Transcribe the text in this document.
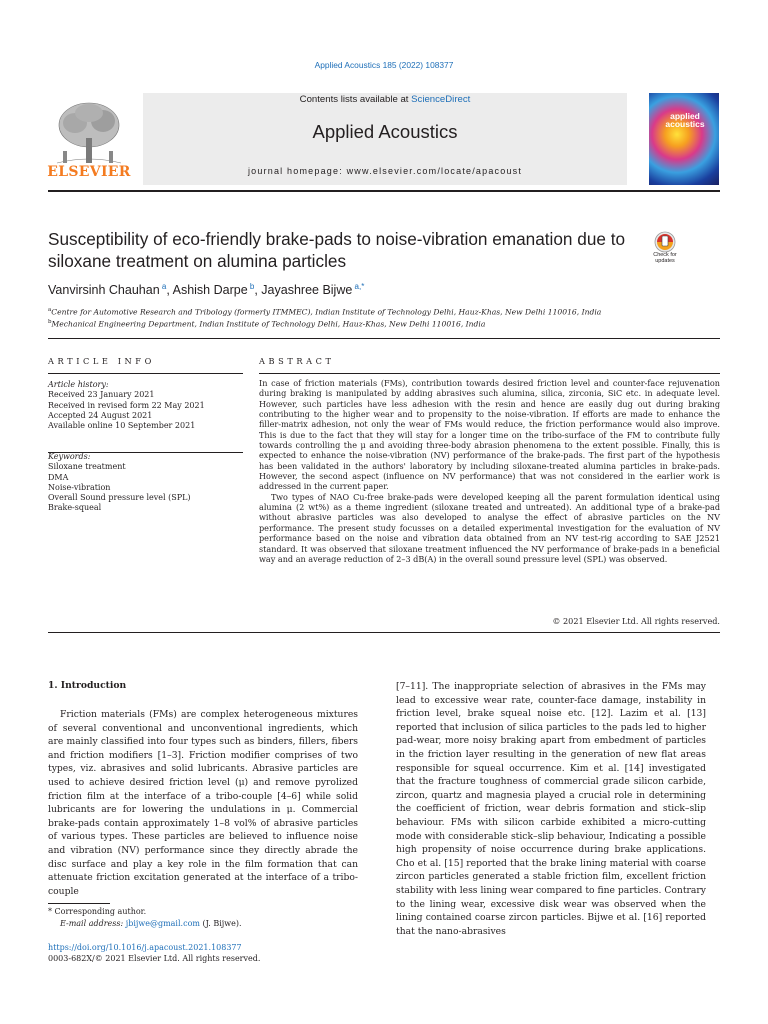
Applied Acoustics 185 (2022) 108377
Contents lists available at ScienceDirect
Applied Acoustics
journal homepage: www.elsevier.com/locate/apacoust
ELSEVIER
applied acoustics
Susceptibility of eco-friendly brake-pads to noise-vibration emanation due to siloxane treatment on alumina particles	Check for updates
Vanvirsinh Chauhan $^a$, Ashish Darpe $^b$, Jayashree Bijwe $^{a,*}$
$^a$Centre for Automotive Research and Tribology (formerly ITMMEC), Indian Institute of Technology Delhi, Hauz-Khas, New Delhi 110016, India
$^b$Mechanical Engineering Department, Indian Institute of Technology Delhi, Hauz-Khas, New Delhi 110016, India
ARTICLE INFO
Article history:
Received 23 January 2021
Received in revised form 22 May 2021
Accepted 24 August 2021
Available online 10 September 2021
Keywords:
Siloxane treatment
DMA
Noise-vibration
Overall Sound pressure level (SPL)
Brake-squeal
ABSTRACT

In case of friction materials (FMs), contribution towards desired friction level and counter-face rejuvenation during braking is manipulated by adding abrasives such alumina, silica, zirconia, SiC etc. in adequate level. However, such particles have less adhesion with the resin and hence are easily dug out during braking contributing to the higher wear and to propensity to the noise-vibration. If efforts are made to enhance the filler-matrix adhesion, not only the wear of FMs would reduce, the friction performance would also improve. This is due to the fact that they will stay for a longer time on the tribo-surface of the FM to contribute fully towards controlling the μ and avoiding three-body abrasion phenomena to the extent possible. Finally, this is expected to enhance the noise-vibration (NV) performance of the brake-pads. The first part of the hypothesis has been validated in the authors' laboratory by including siloxane-treated alumina particles in brake-pads. However, the second aspect (influence on NV performance) that was not considered in the earlier work is addressed in the current paper.

Two types of NAO Cu-free brake-pads were developed keeping all the parent formulation identical using alumina (2 wt%) as a theme ingredient (siloxane treated and untreated). An additional type of a brake-pad without abrasive particles was also developed to analyse the effect of abrasive particles on the NV performance. The present study focusses on a detailed experimental investigation for the evaluation of NV performance based on the noise and vibration data obtained from an NV test-rig according to SAE J2521 standard. It was observed that siloxane treatment influenced the NV performance of brake-pads in a beneficial way and an average reduction of 2–3 dB(A) in the overall sound pressure level (SPL) was observed.

© 2021 Elsevier Ltd. All rights reserved.
1. Introduction
Friction materials (FMs) are complex heterogeneous mixtures of several conventional and unconventional ingredients, which are mainly classified into four types such as binders, fillers, fibers and friction modifiers [1–3]. Friction modifier comprises of two types, viz. abrasives and solid lubricants. Abrasive particles are used to achieve desired friction level (μ) and remove pyrolized friction film at the interface of a tribo-couple [4–6] while solid lubricants are for lowering the undulations in μ. Commercial brake-pads contain approximately 1–8 vol% of abrasive particles of various types. These particles are believed to influence noise and vibration (NV) performance since they directly abrade the disc surface and play a key role in the film formation that can attenuate friction excitation generated at the interface of a tribo-couple
[7–11]. The inappropriate selection of abrasives in the FMs may lead to excessive wear rate, counter-face damage, instability in friction level, brake squeal noise etc. [12]. Lazim et al. [13] reported that inclusion of silica particles to the pads led to higher pad-wear, more noisy braking apart from embedment of particles in the friction layer resulting in the generation of new flat areas responsible for squeal occurrence. Kim et al. [14] investigated that the fracture toughness of commercial grade silicon carbide, zircon, quartz and magnesia played a crucial role in determining the coefficient of friction, wear debris formation and stick–slip behaviour. FMs with silicon carbide exhibited a micro-cutting mode with considerable stick–slip behaviour, Indicating a possible high propensity of noise occurrence during brake applications. Cho et al. [15] reported that the brake lining material with coarse zircon particles generated a stable friction film, excellent friction stability with less lining wear compared to fine particles. Contrary to the lining wear, excessive disk wear was observed when the lining contained coarse zircon particles. Bijwe et al. [16] reported that the nano-abrasives
* Corresponding author.
E-mail address: jbijwe@gmail.com (J. Bijwe).
https://doi.org/10.1016/j.apacoust.2021.108377
0003-682X/© 2021 Elsevier Ltd. All rights reserved.
